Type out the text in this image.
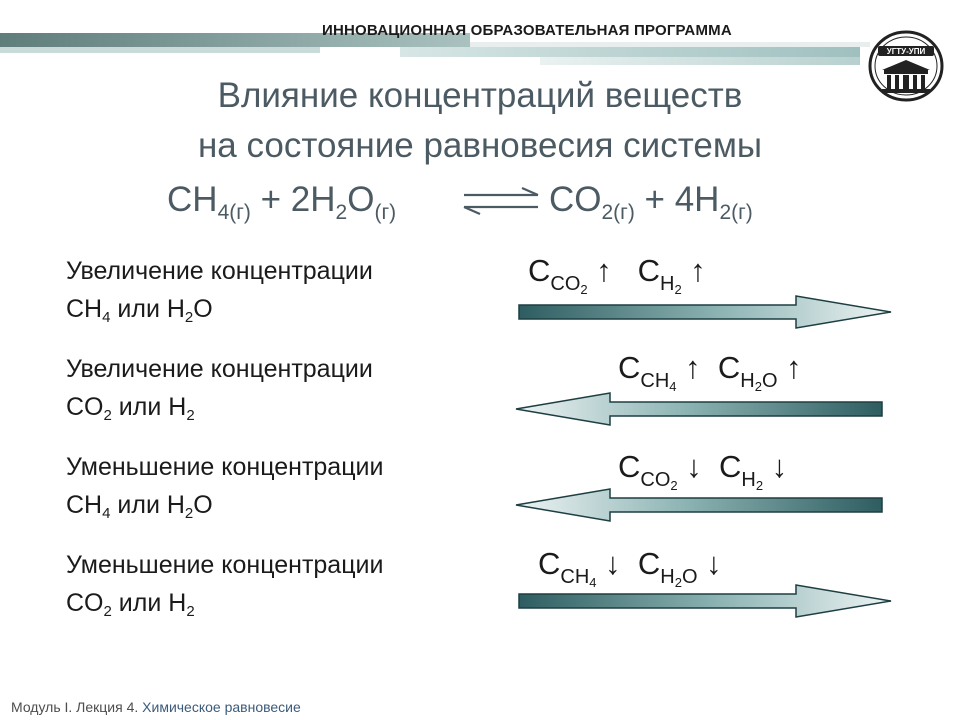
ИННОВАЦИОННАЯ ОБРАЗОВАТЕЛЬНАЯ ПРОГРАММА
УГТУ-УПИ
Влияние концентраций веществ
на состояние равновесия системы
$CH_{4(г)} + 2H_2O_{(г)}$	$CO_{2(г)} + 4H_{2(г)}$
Увеличение концентрации
$CH_4$ или $H_2O$
$C_{CO_2}$ ↑ $C_{H_2}$ ↑
Увеличение концентрации
$CO_2$ или $H_2$
$C_{CH_4}$ ↑ $C_{H_2O}$ ↑
Уменьшение концентрации
$CH_4$ или $H_2O$
$C_{CO_2}$ ↓ $C_{H_2}$ ↓
Уменьшение концентрации
$CO_2$ или $H_2$
$C_{CH_4}$ ↓ $C_{H_2O}$ ↓
Модуль I. Лекция 4. Химическое равновесие
